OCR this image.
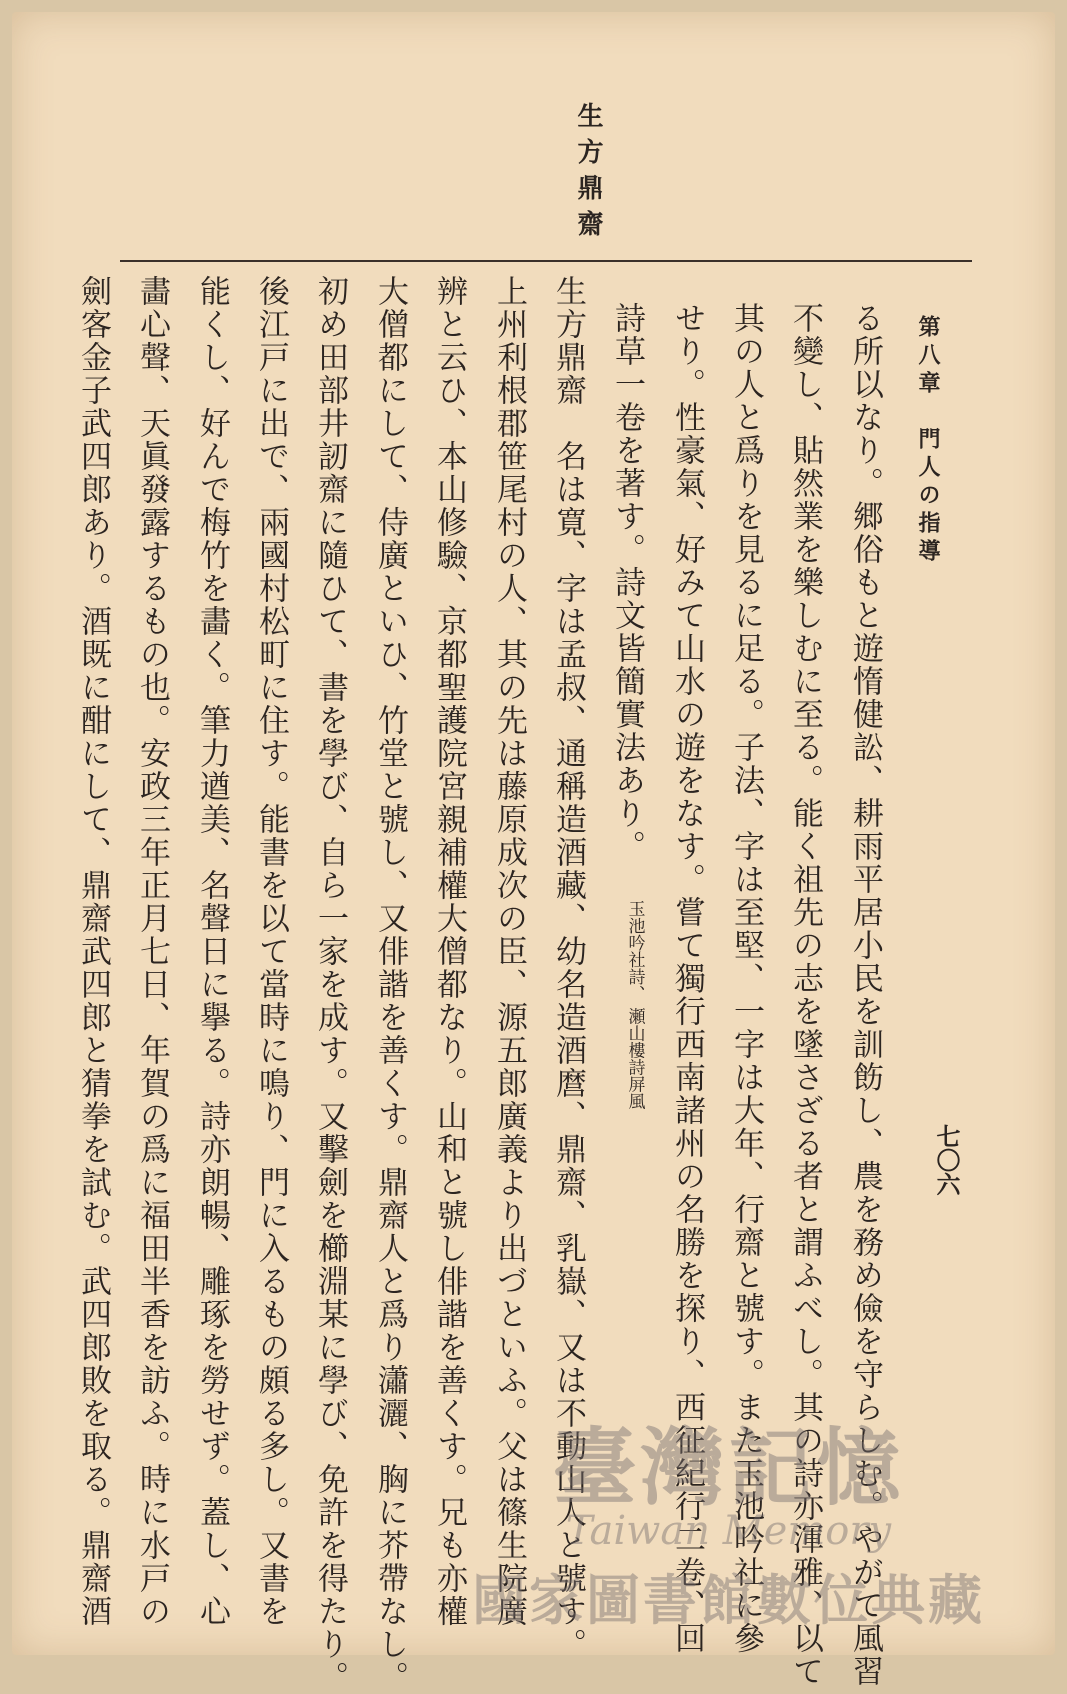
生方鼎齋
第八章　門人の指導
七〇六
る所以なり。郷俗もと遊惰健訟、耕雨平居小民を訓飭し、農を務め儉を守らしむ。やがて風習
不變し、貼然業を樂しむに至る。能く祖先の志を墜さざる者と謂ふべし。其の詩亦渾雅、以て
其の人と爲りを見るに足る。子法、字は至堅、一字は大年、行齋と號す。また玉池吟社に參
せり。性豪氣、好みて山水の遊をなす。嘗て獨行西南諸州の名勝を探り、西征紀行二卷、回
詩草一卷を著す。詩文皆簡實法あり。
玉池吟社詩、 瀬山樓詩屏風
生方鼎齋　名は寛、字は孟叔、通稱造酒藏、幼名造酒麿、鼎齋、乳嶽、又は不動山人と號す。
上州利根郡笹尾村の人、其の先は藤原成次の臣、源五郎廣義より出づといふ。父は篠生院廣
辨と云ひ、本山修驗、京都聖護院宮親補權大僧都なり。山和と號し俳諧を善くす。兄も亦權
大僧都にして、侍廣といひ、竹堂と號し、又俳諧を善くす。鼎齋人と爲り瀟灑、胸に芥帶なし。
初め田部井訒齋に隨ひて、書を學び、自ら一家を成す。又擊劍を櫛淵某に學び、免許を得たり。
後江戸に出で、兩國村松町に住す。能書を以て當時に鳴り、門に入るもの頗る多し。又書を
能くし、好んで梅竹を畵く。筆力遒美、名聲日に擧る。詩亦朗暢、雕琢を勞せず。蓋し、心
畵心聲、天眞發露するもの也。安政三年正月七日、年賀の爲に福田半香を訪ふ。時に水戸の
劍客金子武四郎あり。酒既に酣にして、鼎齋武四郎と猜拳を試む。武四郎敗を取る。鼎齋酒	臺灣記憶
Taiwan Memory
國家圖書館數位典藏
